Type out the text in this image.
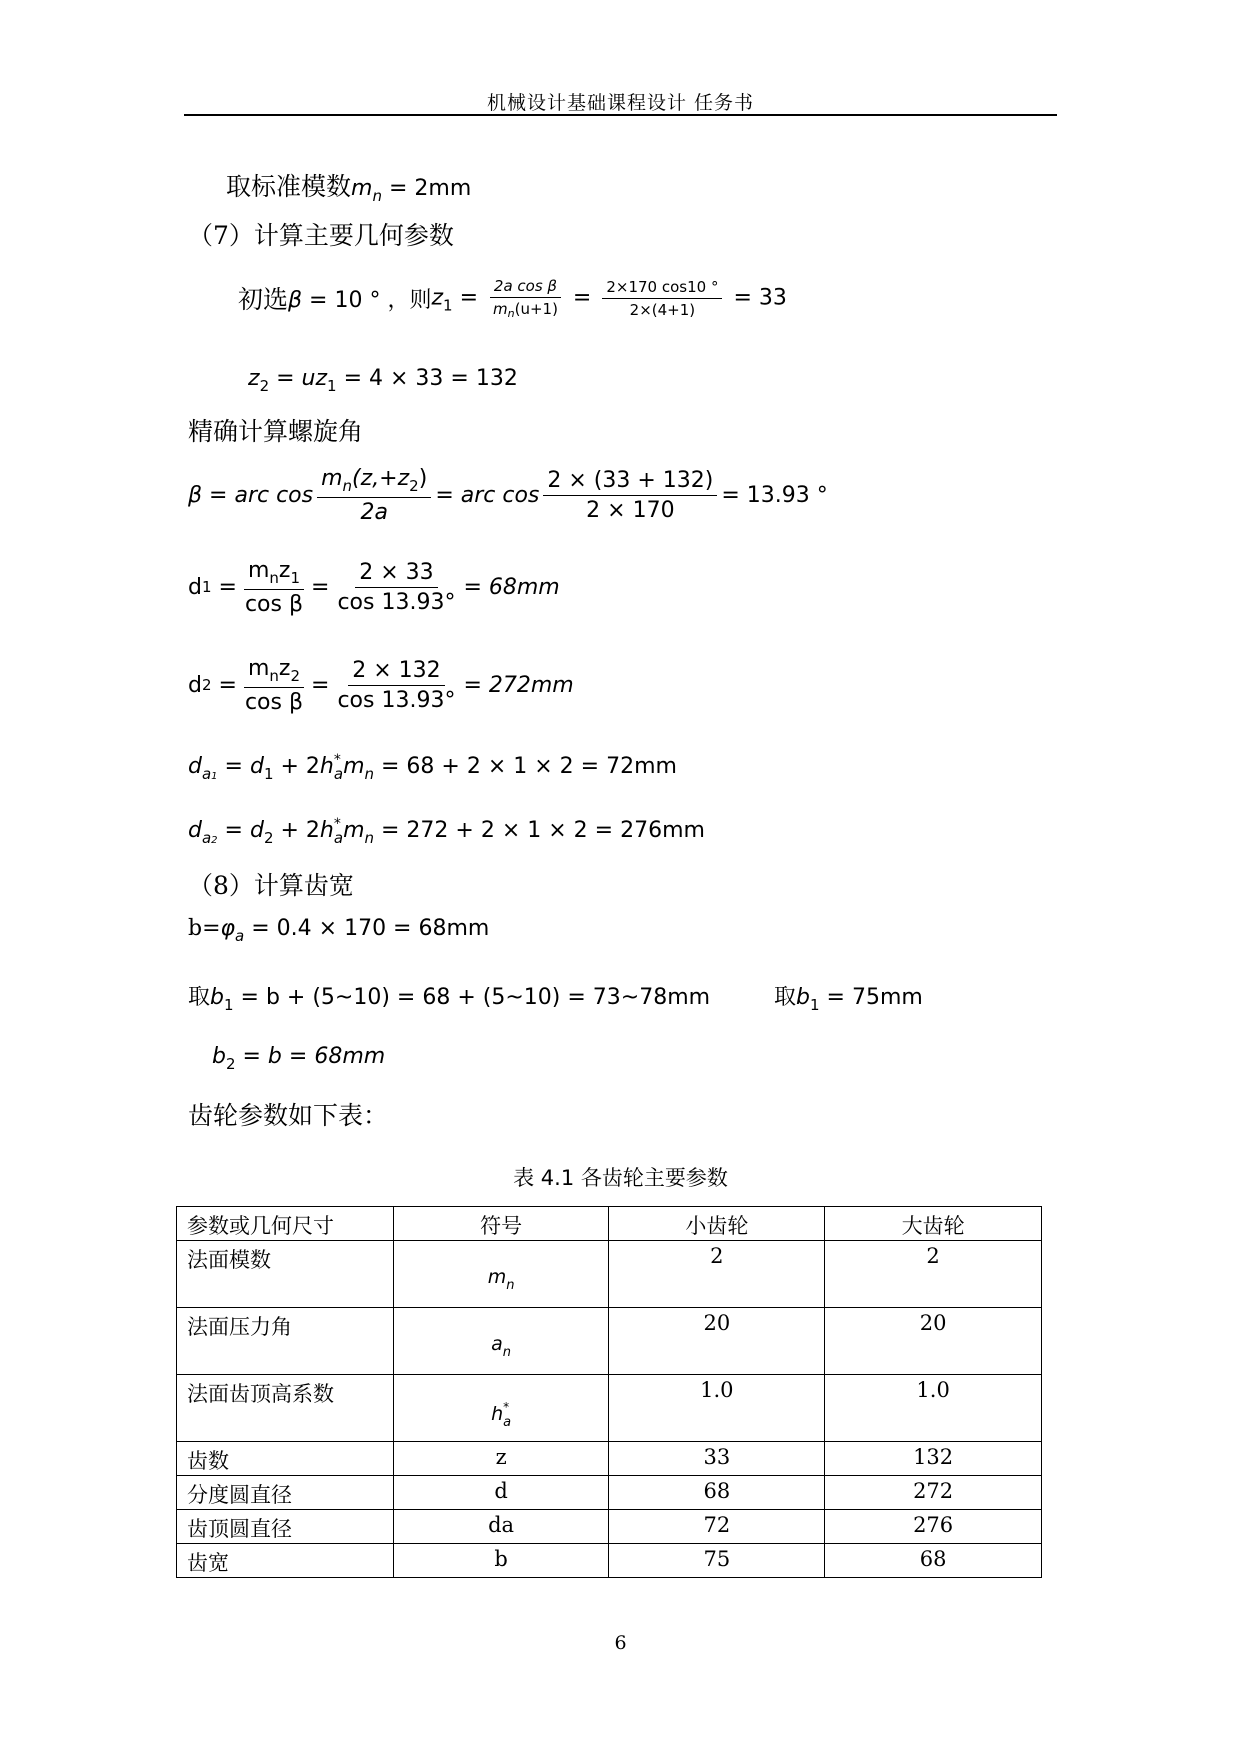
机械设计基础课程设计 任务书
取标准模数$m_n = 2mm$
（7）计算主要几何参数
初选 β = 10 ° ，则 $z_1 = \frac{\text{2a cos β}}{m_n(u+1)} = \frac{2\times 170 \cos 10 ^\circ}{2\times(4+1)} = 33$
$z_2 = uz_1 = 4 \times 33 = 132$
精确计算螺旋角
β = arc $\cos \frac{m_n(z,+z_2)}{2a}$ = arc $\cos \frac{2 \times (33 + 132)}{2 \times 170} = 13.93$ °
d $1 = \frac{m_nz_1}{\text{cos β}} = \frac{2 \times 33}{\cos 13.93^\circ} = 68mm$
d $2 = \frac{m_nz_2}{\text{cos β}} = \frac{2 \times 132}{\cos 13.93^\circ} = 272mm$
$d_{a1} = d_1 + 2h^*_am_n = 68 + 2 \times 1 \times 2 = 72mm$
$d_{a2} = d_2 + 2h^*_am_n = 272 + 2 \times 1 \times 2 = 276mm$
（8）计算齿宽
$b=\varphi_a = 0.4 \times 170 = 68mm$
取$b_1 = b$ + (5~10) = 68 + (5~10) = 73~78mm	取$b_1 = 75mm$
$b_2 = b = 68mm$
齿轮参数如下表：
表 4.1 各齿轮主要参数
参数或几何尺寸	符号	小齿轮	大齿轮
法面模数	$m_n$	2	2
法面压力角	$a_n$	20	20
法面齿顶高系数	$h^*_a$	1.0	1.0
齿数	z	33	132
分度圆直径	d	68	272
齿顶圆直径	da	72	276
齿宽	b	75	68
6
